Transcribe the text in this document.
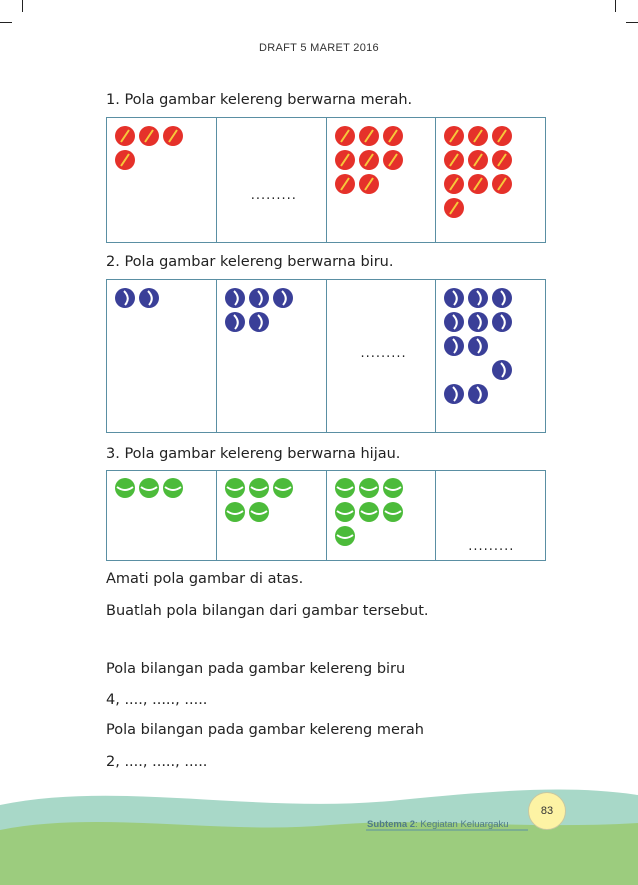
DRAFT 5 MARET 2016
1. Pola gambar kelereng berwarna merah.
.........
2. Pola gambar kelereng berwarna biru.
.........
3. Pola gambar kelereng berwarna hijau.
.........
Amati pola gambar di atas.
Buatlah pola bilangan dari gambar tersebut.
Pola bilangan pada gambar kelereng biru
4, ...., ....., .....
Pola bilangan pada gambar kelereng merah
2, ...., ....., .....
Subtema 2: Kegiatan Keluargaku
83
